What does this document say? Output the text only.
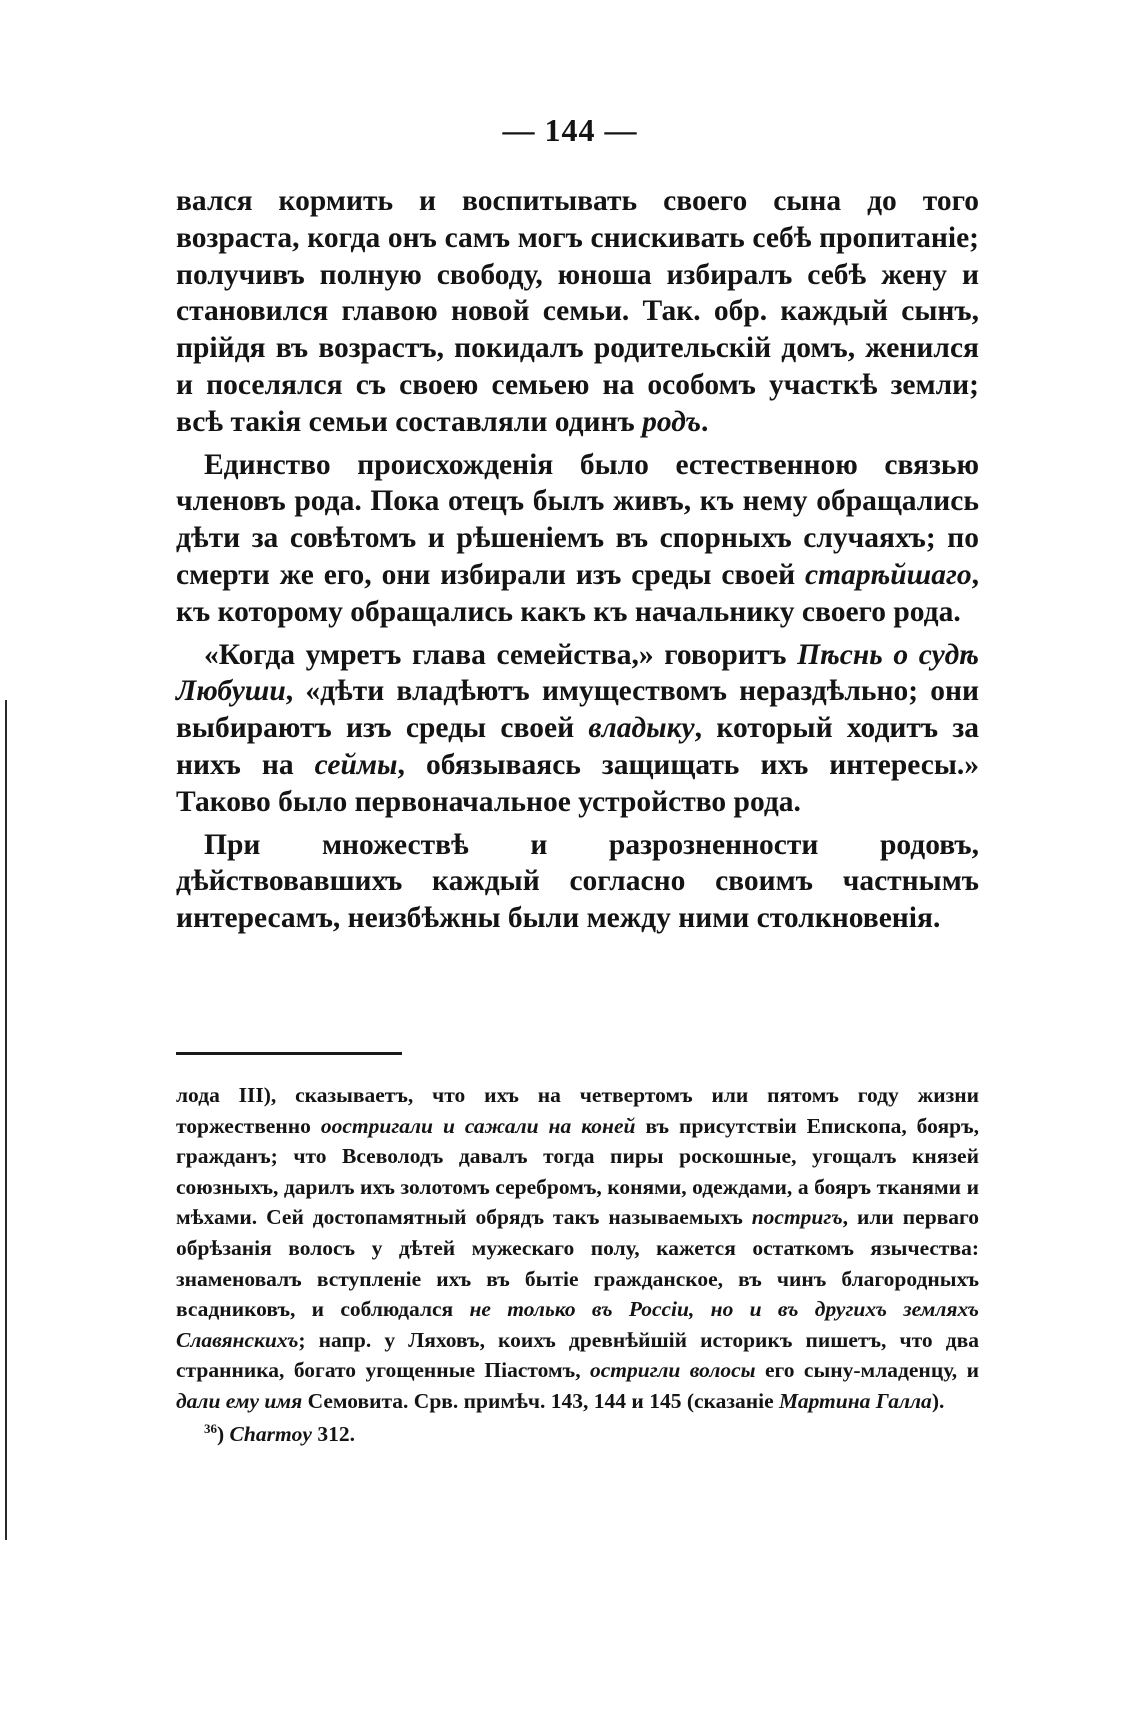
— 144 —

вался кормить и воспитывать своего сына до того возраста, когда онъ самъ могъ снискивать себѣ пропитаніе; получивъ полную свободу, юноша избиралъ себѣ жену и становился главою новой семьи. Так. обр. каждый сынъ, прійдя въ возрастъ, покидалъ родительскій домъ, женился и поселялся съ своею семьею на особомъ участкѣ земли; всѣ такія семьи составляли одинъ родъ.

Единство происхожденія было естественною связью членовъ рода. Пока отецъ былъ живъ, къ нему обращались дѣти за совѣтомъ и рѣшеніемъ въ спорныхъ случаяхъ; по смерти же его, они избирали изъ среды своей старѣйшаго, къ которому обращались какъ къ начальнику своего рода.

«Когда умретъ глава семейства,» говоритъ Пѣснь о судѣ Любуши, «дѣти владѣютъ имуществомъ нераздѣльно; они выбираютъ изъ среды своей владыку, который ходитъ за нихъ на сеймы, обязываясь защищать ихъ интересы.» Таково было первоначальное устройство рода.

При множествѣ и разрозненности родовъ, дѣйствовавшихъ каждый согласно своимъ частнымъ интересамъ, неизбѣжны были между ними столкновенія.

лода III), сказываетъ, что ихъ на четвертомъ или пятомъ году жизни торжественно оостригали и сажали на коней въ присутствіи Епископа, бояръ, гражданъ; что Всеволодъ давалъ тогда пиры роскошные, угощалъ князей союзныхъ, дарилъ ихъ золотомъ серебромъ, конями, одеждами, а бояръ тканями и мѣхами. Сей достопамятный обрядъ такъ называемыхъ постригъ, или перваго обрѣзанія волосъ у дѣтей мужескаго полу, кажется остаткомъ язычества: знаменовалъ вступленіе ихъ въ бытіе гражданское, въ чинъ благородныхъ всадниковъ, и соблюдался не только въ Россіи, но и въ другихъ земляхъ Славянскихъ; напр. у Ляховъ, коихъ древнѣйшій историкъ пишетъ, что два странника, богато угощенные Піастомъ, остригли волосы его сыну-младенцу, и дали ему имя Семовита. Срв. примѣч. 143, 144 и 145 (сказаніе Мартина Галла).

$^{36}$) Charmoy 312.
